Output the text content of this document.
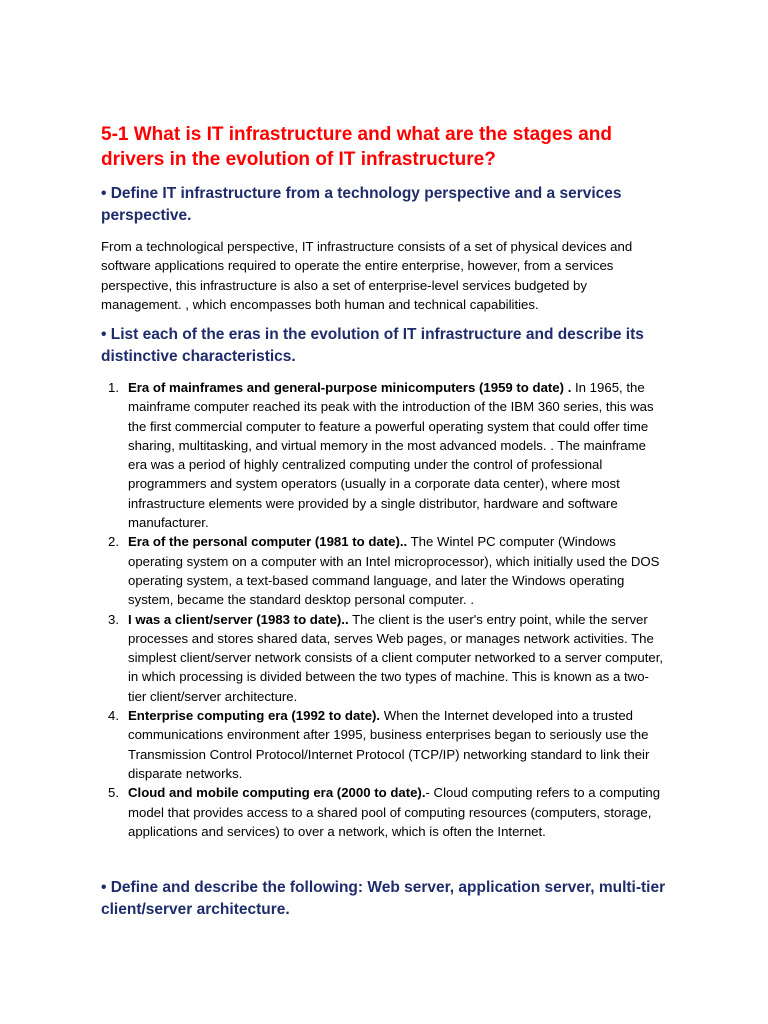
5-1 What is IT infrastructure and what are the stages and drivers in the evolution of IT infrastructure?
• Define IT infrastructure from a technology perspective and a services perspective.

From a technological perspective, IT infrastructure consists of a set of physical devices and software applications required to operate the entire enterprise, however, from a services perspective, this infrastructure is also a set of enterprise-level services budgeted by management. , which encompasses both human and technical capabilities.

• List each of the eras in the evolution of IT infrastructure and describe its distinctive characteristics.
1. Era of mainframes and general-purpose minicomputers (1959 to date) . In 1965, the mainframe computer reached its peak with the introduction of the IBM 360 series, this was the first commercial computer to feature a powerful operating system that could offer time sharing, multitasking, and virtual memory in the most advanced models. . The mainframe era was a period of highly centralized computing under the control of professional programmers and system operators (usually in a corporate data center), where most infrastructure elements were provided by a single distributor, hardware and software manufacturer.
2. Era of the personal computer (1981 to date).. The Wintel PC computer (Windows operating system on a computer with an Intel microprocessor), which initially used the DOS operating system, a text-based command language, and later the Windows operating system, became the standard desktop personal computer. .
3. I was a client/server (1983 to date).. The client is the user's entry point, while the server processes and stores shared data, serves Web pages, or manages network activities. The simplest client/server network consists of a client computer networked to a server computer, in which processing is divided between the two types of machine. This is known as a two-tier client/server architecture.
4. Enterprise computing era (1992 to date). When the Internet developed into a trusted communications environment after 1995, business enterprises began to seriously use the Transmission Control Protocol/Internet Protocol (TCP/IP) networking standard to link their disparate networks.
5. Cloud and mobile computing era (2000 to date).- Cloud computing refers to a computing model that provides access to a shared pool of computing resources (computers, storage, applications and services) to over a network, which is often the Internet.
• Define and describe the following: Web server, application server, multi-tier client/server architecture.
